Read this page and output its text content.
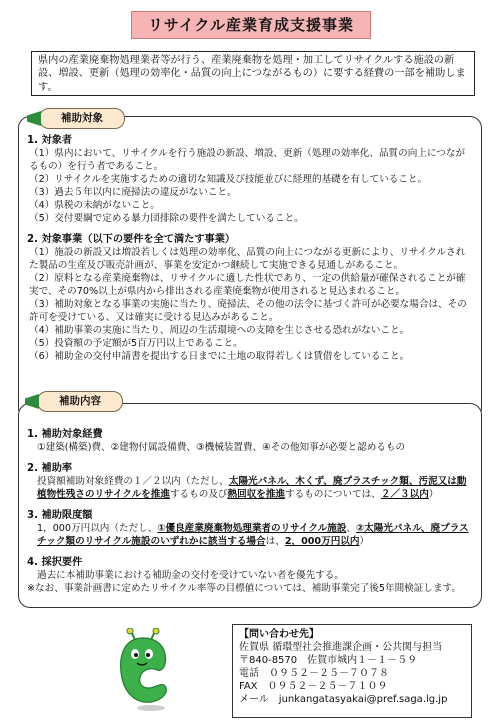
リサイクル産業育成支援事業
県内の産業廃棄物処理業者等が行う、産業廃棄物を処理・加工してリサイクルする施設の新設、増設、更新（処理の効率化・品質の向上につながるもの）に要する経費の一部を補助します。
補助対象
1. 対象者
（1）県内において、リサイクルを行う施設の新設、増設、更新（処理の効率化、品質の向上につながるもの）を行う者であること。
（2）リサイクルを実施するための適切な知識及び技能並びに経理的基礎を有していること。
（3）過去５年以内に廃掃法の違反がないこと。
（4）県税の未納がないこと。
（5）交付要綱で定める暴力団排除の要件を満たしていること。
2. 対象事業（以下の要件を全て満たす事業）
（1）施設の新設又は増設若しくは処理の効率化、品質の向上につながる更新により、リサイクルされた製品の生産及び販売計画が、事業を安定かつ継続して実施できる見通しがあること。
（2）原料となる産業廃棄物は、リサイクルに適した性状であり、一定の供給量が確保されることが確実で、その70%以上が県内から排出される産業廃棄物が使用されると見込まれること。
（3）補助対象となる事業の実施に当たり、廃掃法、その他の法令に基づく許可が必要な場合は、その許可を受けている、又は確実に受ける見込みがあること。
（4）補助事業の実施に当たり、周辺の生活環境への支障を生じさせる恐れがないこと。
（5）投資額の予定額が5百万円以上であること。
（6）補助金の交付申請書を提出する日までに土地の取得若しくは賃借をしていること。
補助内容
1. 補助対象経費
①建築(構築)費、②建物付属設備費、③機械装置費、④その他知事が必要と認めるもの
2. 補助率
投資額補助対象経費の１／２以内（ただし、太陽光パネル、木くず、廃プラスチック類、汚泥又は動植物性残さのリサイクルを推進するもの及び熱回収を推進するものについては、２／３以内）
3. 補助限度額
1，000万円以内（ただし、①優良産業廃棄物処理業者のリサイクル施設、②太陽光パネル、廃プラスチック類のリサイクル施設のいずれかに該当する場合は、2，000万円以内）
4. 採択要件
過去に本補助事業における補助金の交付を受けていない者を優先する。
※なお、事業計画書に定めたリサイクル率等の目標値については、補助事業完了後5年間検証します。
【問い合わせ先】
佐賀県 循環型社会推進課企画・公共関与担当
〒840-8570　佐賀市城内１－１－５９
電話　０９５２－２５－７０７８
FAX　０９５２－２５－７１０９
メール　junkangatasyakai@pref.saga.lg.jp
